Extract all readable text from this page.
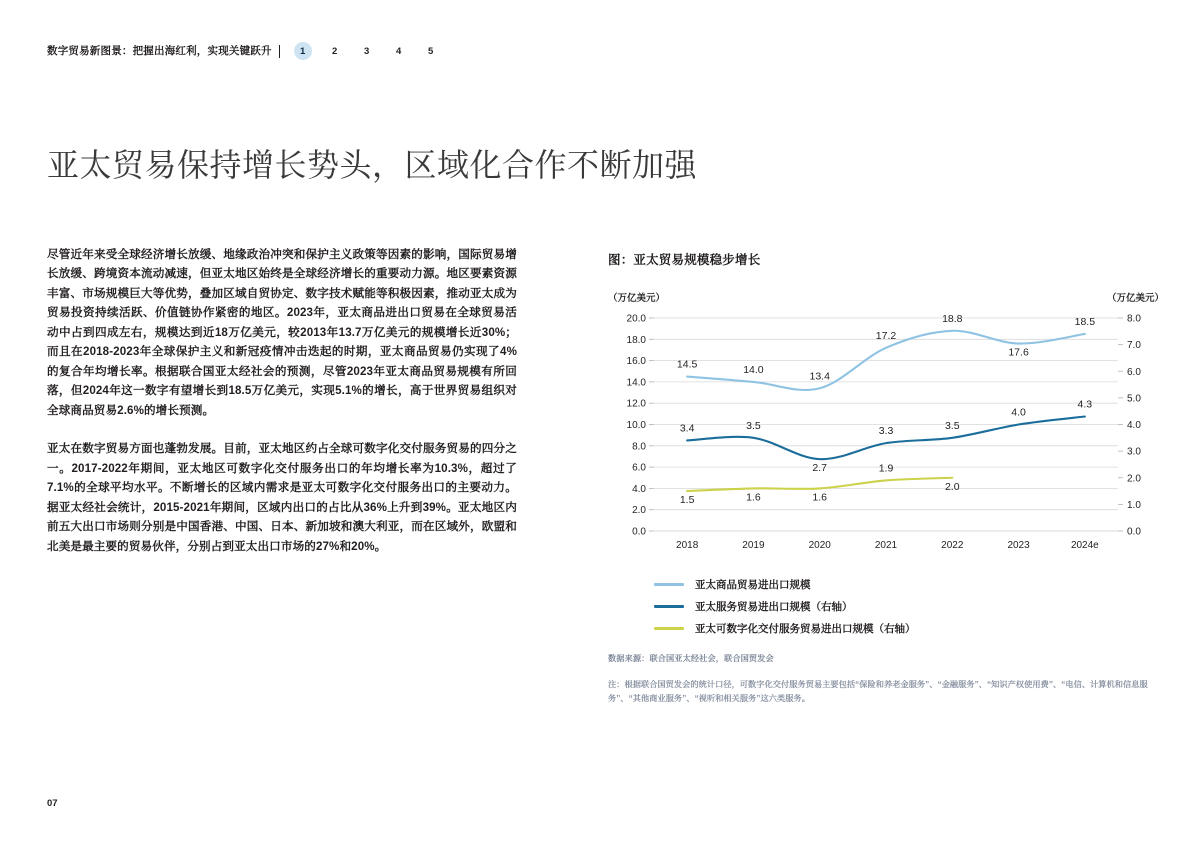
数字贸易新图景：把握出海红利，实现关键跃升	1	2	3	4	5
亚太贸易保持增长势头，区域化合作不断加强

尽管近年来受全球经济增长放缓、地缘政治冲突和保护主义政策等因素的影响，国际贸易增长放缓、跨境资本流动减速，但亚太地区始终是全球经济增长的重要动力源。地区要素资源丰富、市场规模巨大等优势，叠加区域自贸协定、数字技术赋能等积极因素，推动亚太成为贸易投资持续活跃、价值链协作紧密的地区。2023年，亚太商品进出口贸易在全球贸易活动中占到四成左右，规模达到近18万亿美元，较2013年13.7万亿美元的规模增长近30%；而且在2018-2023年全球保护主义和新冠疫情冲击迭起的时期，亚太商品贸易仍实现了4%的复合年均增长率。根据联合国亚太经社会的预测，尽管2023年亚太商品贸易规模有所回落，但2024年这一数字有望增长到18.5万亿美元，实现5.1%的增长，高于世界贸易组织对全球商品贸易2.6%的增长预测。

亚太在数字贸易方面也蓬勃发展。目前，亚太地区约占全球可数字化交付服务贸易的四分之一。2017-2022年期间，亚太地区可数字化交付服务出口的年均增长率为10.3%，超过了7.1%的全球平均水平。不断增长的区域内需求是亚太可数字化交付服务出口的主要动力。据亚太经社会统计，2015-2021年期间，区域内出口的占比从36%上升到39%。亚太地区内前五大出口市场则分别是中国香港、中国、日本、新加坡和澳大利亚，而在区域外，欧盟和北美是最主要的贸易伙伴，分别占到亚太出口市场的27%和20%。

图：亚太贸易规模稳步增长
（万亿美元）	（万亿美元）
0.0
2.0
4.0
6.0
8.0
10.0
12.0
14.0
16.0
18.0
20.0
0.0
1.0
2.0
3.0
4.0
5.0
6.0
7.0
8.0
2018	2019	2020	2021	2022	2023	2024e
14.5	14.0
13.4
17.2
18.8
17.6
18.5
3.4	3.5
2.7
3.3	3.5
4.0
4.3
1.5	1.6	1.6
1.9
2.0
亚太商品贸易进出口规模
亚太服务贸易进出口规模（右轴）
亚太可数字化交付服务贸易进出口规模（右轴）
数据来源：联合国亚太经社会，联合国贸发会
注：根据联合国贸发会的统计口径，可数字化交付服务贸易主要包括“保险和养老金服务”、“金融服务”、“知识产权使用费”、“电信、计算机和信息服务”、“其他商业服务”、“视听和相关服务”这六类服务。
07
